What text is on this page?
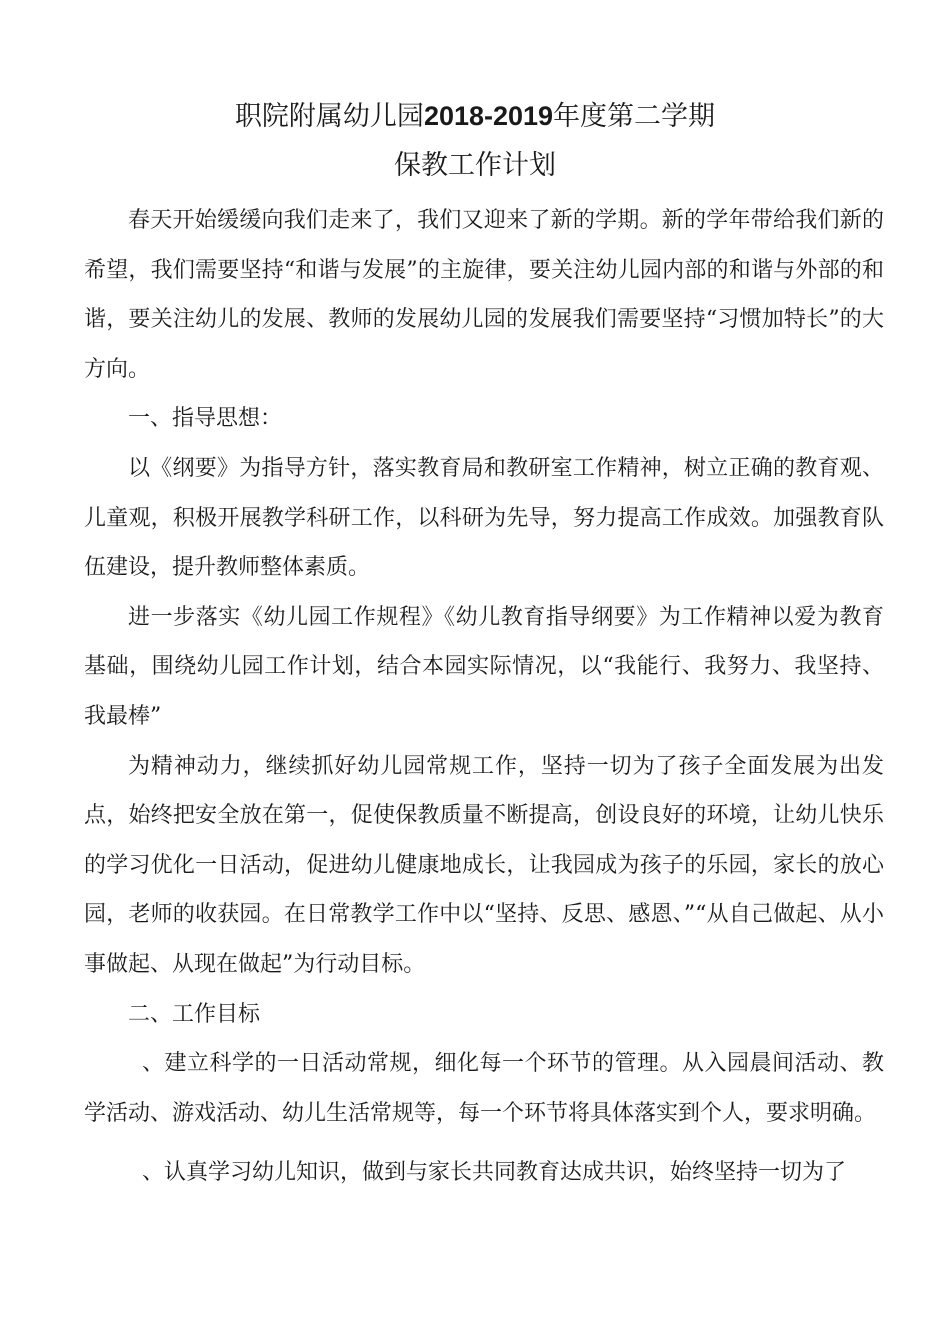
职院附属幼儿园2018-2019年度第二学期
保教工作计划

春天开始缓缓向我们走来了，我们又迎来了新的学期。新的学年带给我们新的希望，我们需要坚持“和谐与发展”的主旋律，要关注幼儿园内部的和谐与外部的和谐，要关注幼儿的发展、教师的发展幼儿园的发展我们需要坚持“习惯加特长”的大方向。

一、指导思想：

以《纲要》为指导方针，落实教育局和教研室工作精神，树立正确的教育观、儿童观，积极开展教学科研工作，以科研为先导，努力提高工作成效。加强教育队伍建设，提升教师整体素质。

进一步落实《幼儿园工作规程》《幼儿教育指导纲要》为工作精神以爱为教育基础，围绕幼儿园工作计划，结合本园实际情况，以“我能行、我努力、我坚持、我最棒”

为精神动力，继续抓好幼儿园常规工作，坚持一切为了孩子全面发展为出发点，始终把安全放在第一，促使保教质量不断提高，创设良好的环境，让幼儿快乐的学习优化一日活动，促进幼儿健康地成长，让我园成为孩子的乐园，家长的放心园，老师的收获园。在日常教学工作中以“坚持、反思、感恩、”“从自己做起、从小事做起、从现在做起”为行动目标。

二、工作目标

、建立科学的一日活动常规，细化每一个环节的管理。从入园晨间活动、教学活动、游戏活动、幼儿生活常规等，每一个环节将具体落实到个人，要求明确。

、认真学习幼儿知识，做到与家长共同教育达成共识，始终坚持一切为了
